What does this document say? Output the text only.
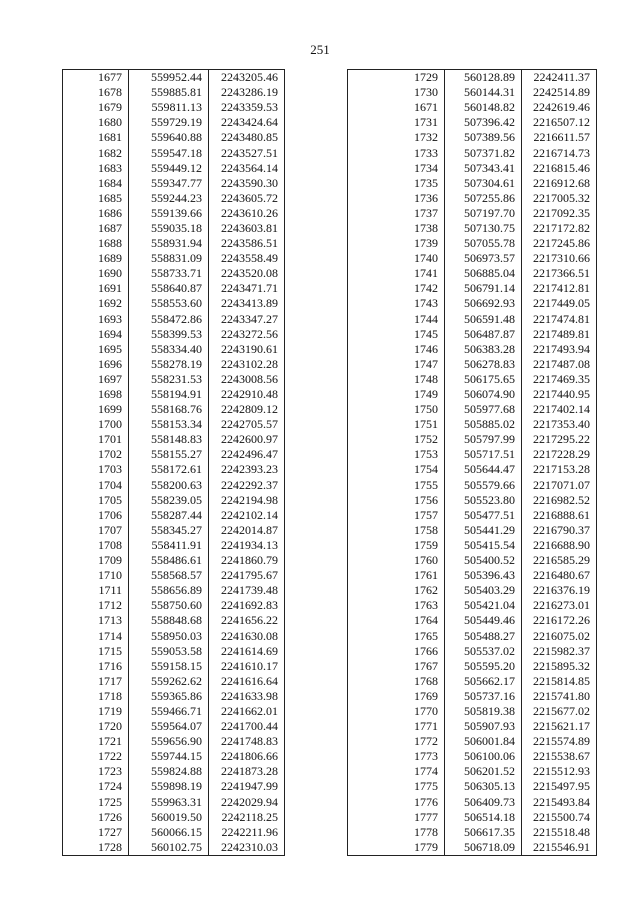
251
1677	559952.44	2243205.46
1678	559885.81	2243286.19
1679	559811.13	2243359.53
1680	559729.19	2243424.64
1681	559640.88	2243480.85
1682	559547.18	2243527.51
1683	559449.12	2243564.14
1684	559347.77	2243590.30
1685	559244.23	2243605.72
1686	559139.66	2243610.26
1687	559035.18	2243603.81
1688	558931.94	2243586.51
1689	558831.09	2243558.49
1690	558733.71	2243520.08
1691	558640.87	2243471.71
1692	558553.60	2243413.89
1693	558472.86	2243347.27
1694	558399.53	2243272.56
1695	558334.40	2243190.61
1696	558278.19	2243102.28
1697	558231.53	2243008.56
1698	558194.91	2242910.48
1699	558168.76	2242809.12
1700	558153.34	2242705.57
1701	558148.83	2242600.97
1702	558155.27	2242496.47
1703	558172.61	2242393.23
1704	558200.63	2242292.37
1705	558239.05	2242194.98
1706	558287.44	2242102.14
1707	558345.27	2242014.87
1708	558411.91	2241934.13
1709	558486.61	2241860.79
1710	558568.57	2241795.67
1711	558656.89	2241739.48
1712	558750.60	2241692.83
1713	558848.68	2241656.22
1714	558950.03	2241630.08
1715	559053.58	2241614.69
1716	559158.15	2241610.17
1717	559262.62	2241616.64
1718	559365.86	2241633.98
1719	559466.71	2241662.01
1720	559564.07	2241700.44
1721	559656.90	2241748.83
1722	559744.15	2241806.66
1723	559824.88	2241873.28
1724	559898.19	2241947.99
1725	559963.31	2242029.94
1726	560019.50	2242118.25
1727	560066.15	2242211.96
1728	560102.75	2242310.03
1729	560128.89	2242411.37
1730	560144.31	2242514.89
1671	560148.82	2242619.46
1731	507396.42	2216507.12
1732	507389.56	2216611.57
1733	507371.82	2216714.73
1734	507343.41	2216815.46
1735	507304.61	2216912.68
1736	507255.86	2217005.32
1737	507197.70	2217092.35
1738	507130.75	2217172.82
1739	507055.78	2217245.86
1740	506973.57	2217310.66
1741	506885.04	2217366.51
1742	506791.14	2217412.81
1743	506692.93	2217449.05
1744	506591.48	2217474.81
1745	506487.87	2217489.81
1746	506383.28	2217493.94
1747	506278.83	2217487.08
1748	506175.65	2217469.35
1749	506074.90	2217440.95
1750	505977.68	2217402.14
1751	505885.02	2217353.40
1752	505797.99	2217295.22
1753	505717.51	2217228.29
1754	505644.47	2217153.28
1755	505579.66	2217071.07
1756	505523.80	2216982.52
1757	505477.51	2216888.61
1758	505441.29	2216790.37
1759	505415.54	2216688.90
1760	505400.52	2216585.29
1761	505396.43	2216480.67
1762	505403.29	2216376.19
1763	505421.04	2216273.01
1764	505449.46	2216172.26
1765	505488.27	2216075.02
1766	505537.02	2215982.37
1767	505595.20	2215895.32
1768	505662.17	2215814.85
1769	505737.16	2215741.80
1770	505819.38	2215677.02
1771	505907.93	2215621.17
1772	506001.84	2215574.89
1773	506100.06	2215538.67
1774	506201.52	2215512.93
1775	506305.13	2215497.95
1776	506409.73	2215493.84
1777	506514.18	2215500.74
1778	506617.35	2215518.48
1779	506718.09	2215546.91
